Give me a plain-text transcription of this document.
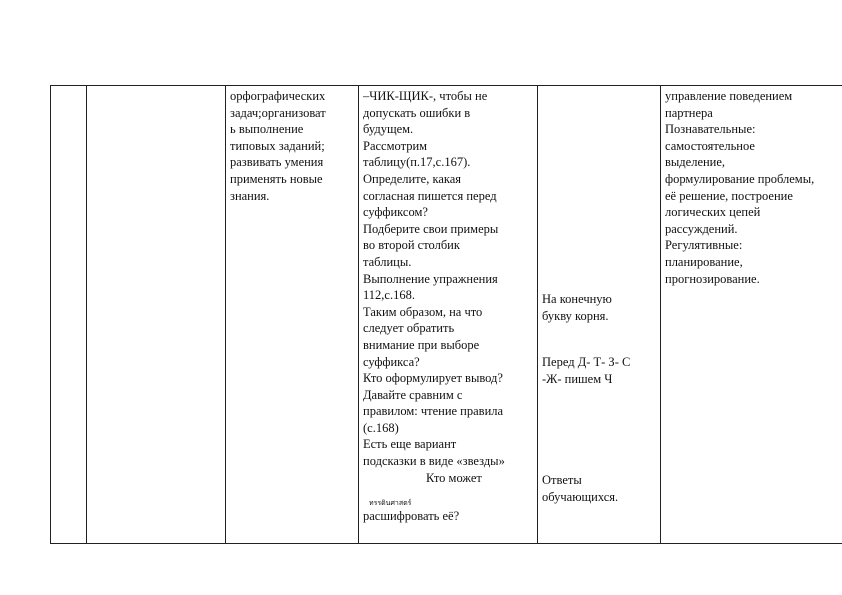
орфографических
задач;организоват
ь выполнение
типовых заданий;
развивать умения
применять новые
знания.

–ЧИК-ЩИК-, чтобы не
допускать ошибки в
будущем.
Рассмотрим
таблицу(п.17,с.167).
Определите, какая
согласная пишется перед
суффиксом?
Подберите свои примеры
во второй столбик
таблицы.
Выполнение упражнения
112,с.168.
Таким образом, на что
следует обратить
внимание при выборе
суффикса?
Кто оформулирует вывод?
Давайте сравним с
правилом: чтение правила
(с.168)
Есть еще вариант
подсказки в виде «звезды»
Кто может
ทรรดินศาสตร์
расшифровать её?

На конечную
букву корня.
Перед Д- Т- З- С
-Ж- пишем Ч
Ответы
обучающихся.

управление поведением
партнера
Познавательные:
самостоятельное
выделение,
формулирование проблемы,
её решение, построение
логических цепей
рассуждений.
Регулятивные:
планирование,
прогнозирование.
